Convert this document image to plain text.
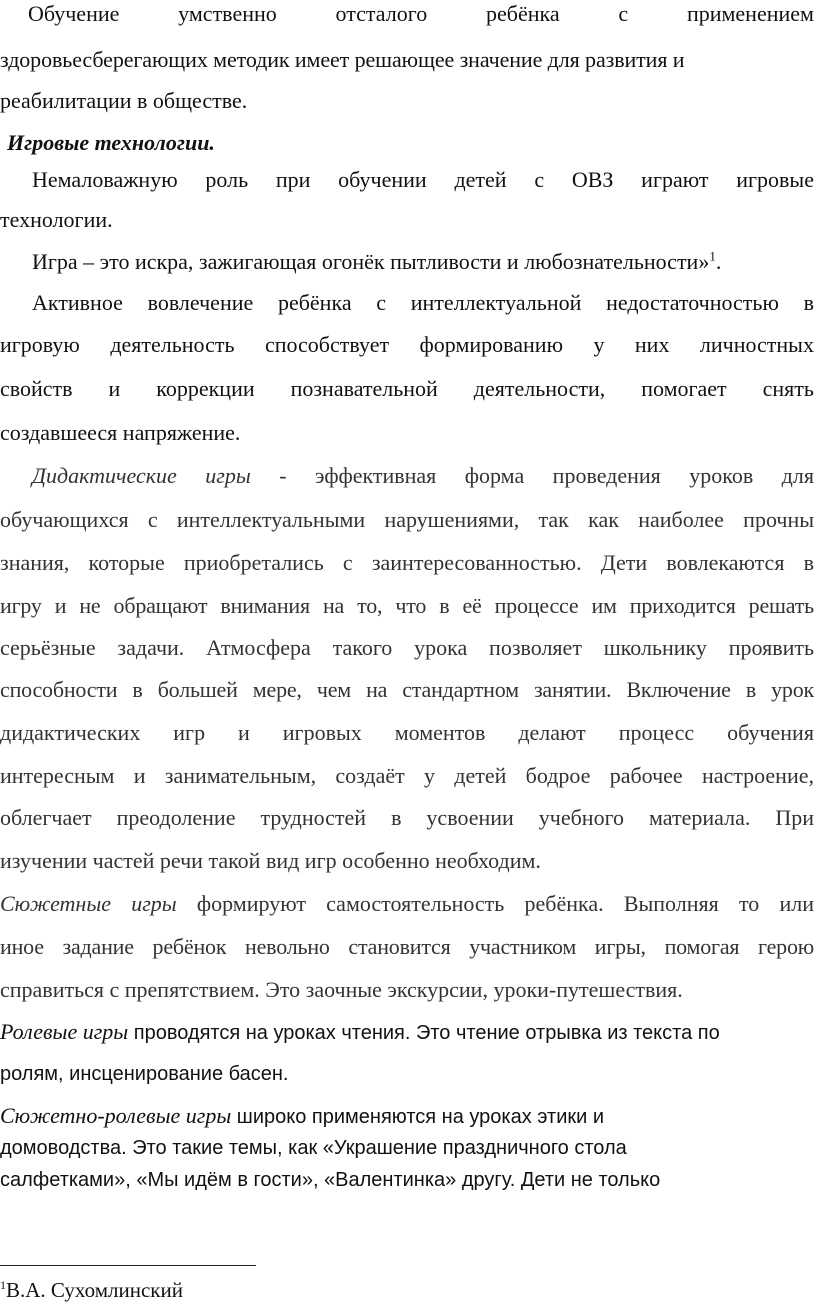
Обучение	умственно	отсталого	ребёнка	с	применением
здоровьесберегающих методик имеет решающее значение для развития и
реабилитации в обществе.
Игровые технологии.
Немаловажную роль при обучении детей с ОВЗ играют игровые
технологии.
Игра – это искра, зажигающая огонёк пытливости и любознательности»$^1$.
Активное вовлечение ребёнка с интеллектуальной недостаточностью в
игровую деятельность способствует формированию у них личностных
свойств и коррекции познавательной деятельности, помогает снять
создавшееся напряжение.
Дидактические игры - эффективная форма проведения уроков для
обучающихся с интеллектуальными нарушениями, так как наиболее прочны
знания, которые приобретались с заинтересованностью. Дети вовлекаются в
игру и не обращают внимания на то, что в её процессе им приходится решать
серьёзные задачи. Атмосфера такого урока позволяет школьнику проявить
способности в большей мере, чем на стандартном занятии. Включение в урок
дидактических игр и игровых моментов делают процесс обучения
интересным и занимательным, создаёт у детей бодрое рабочее настроение,
облегчает преодоление трудностей в усвоении учебного материала. При
изучении частей речи такой вид игр особенно необходим.
Сюжетные игры формируют самостоятельность ребёнка. Выполняя то или
иное задание ребёнок невольно становится участником игры, помогая герою
справиться с препятствием. Это заочные экскурсии, уроки-путешествия.
Ролевые игры проводятся на уроках чтения. Это чтение отрывка из текста по
ролям, инсценирование басен.
Сюжетно-ролевые игры широко применяются на уроках этики и
домоводства. Это такие темы, как «Украшение праздничного стола
салфетками», «Мы идём в гости», «Валентинка» другу. Дети не только
$^1$В.А. Сухомлинский
